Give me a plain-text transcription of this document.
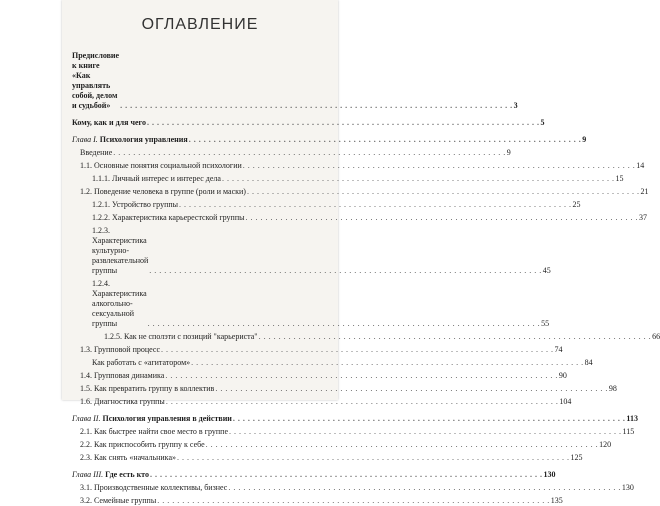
ОГЛАВЛЕНИЕ
Предисловие к книге «Как управлять собой, делом и судьбой» . . .	3
Кому, как и для чего . . .	5
Глава I. Психология управления . . .	9
Введение . . .	9
1.1. Основные понятия социальной психологии . . .	14
1.1.1. Личный интерес и интерес дела . . .	15
1.2. Поведение человека в группе (роли и маски) . . .	21
1.2.1. Устройство группы . . .	25
1.2.2. Характеристика карьерестской группы . . .	37
1.2.3. Характеристика культурно-развлекательной группы . . .	45
1.2.4. Характеристика алкогольно-сексуальной группы . . .	55
1.2.5. Как не сполэти с позиций "карьериста" . . .	66
1.3. Групповой процесс . . .	74
Как работать с «агитатором» . . .	84
1.4. Групповая динамика . . .	90
1.5. Как превратить группу в коллектив . . .	98
1.6. Диагностика группы . . .	104
Глава II. Психология управления в действии . . .	113
2.1. Как быстрее найти свое место в группе . . .	115
2.2. Как приспособить группу к себе . . .	120
2.3. Как снять «начальника» . . .	125
Глава III. Где есть кто . . .	130
3.1. Производственные коллективы, бизнес . . .	130
3.2. Семейные группы . . .	135
